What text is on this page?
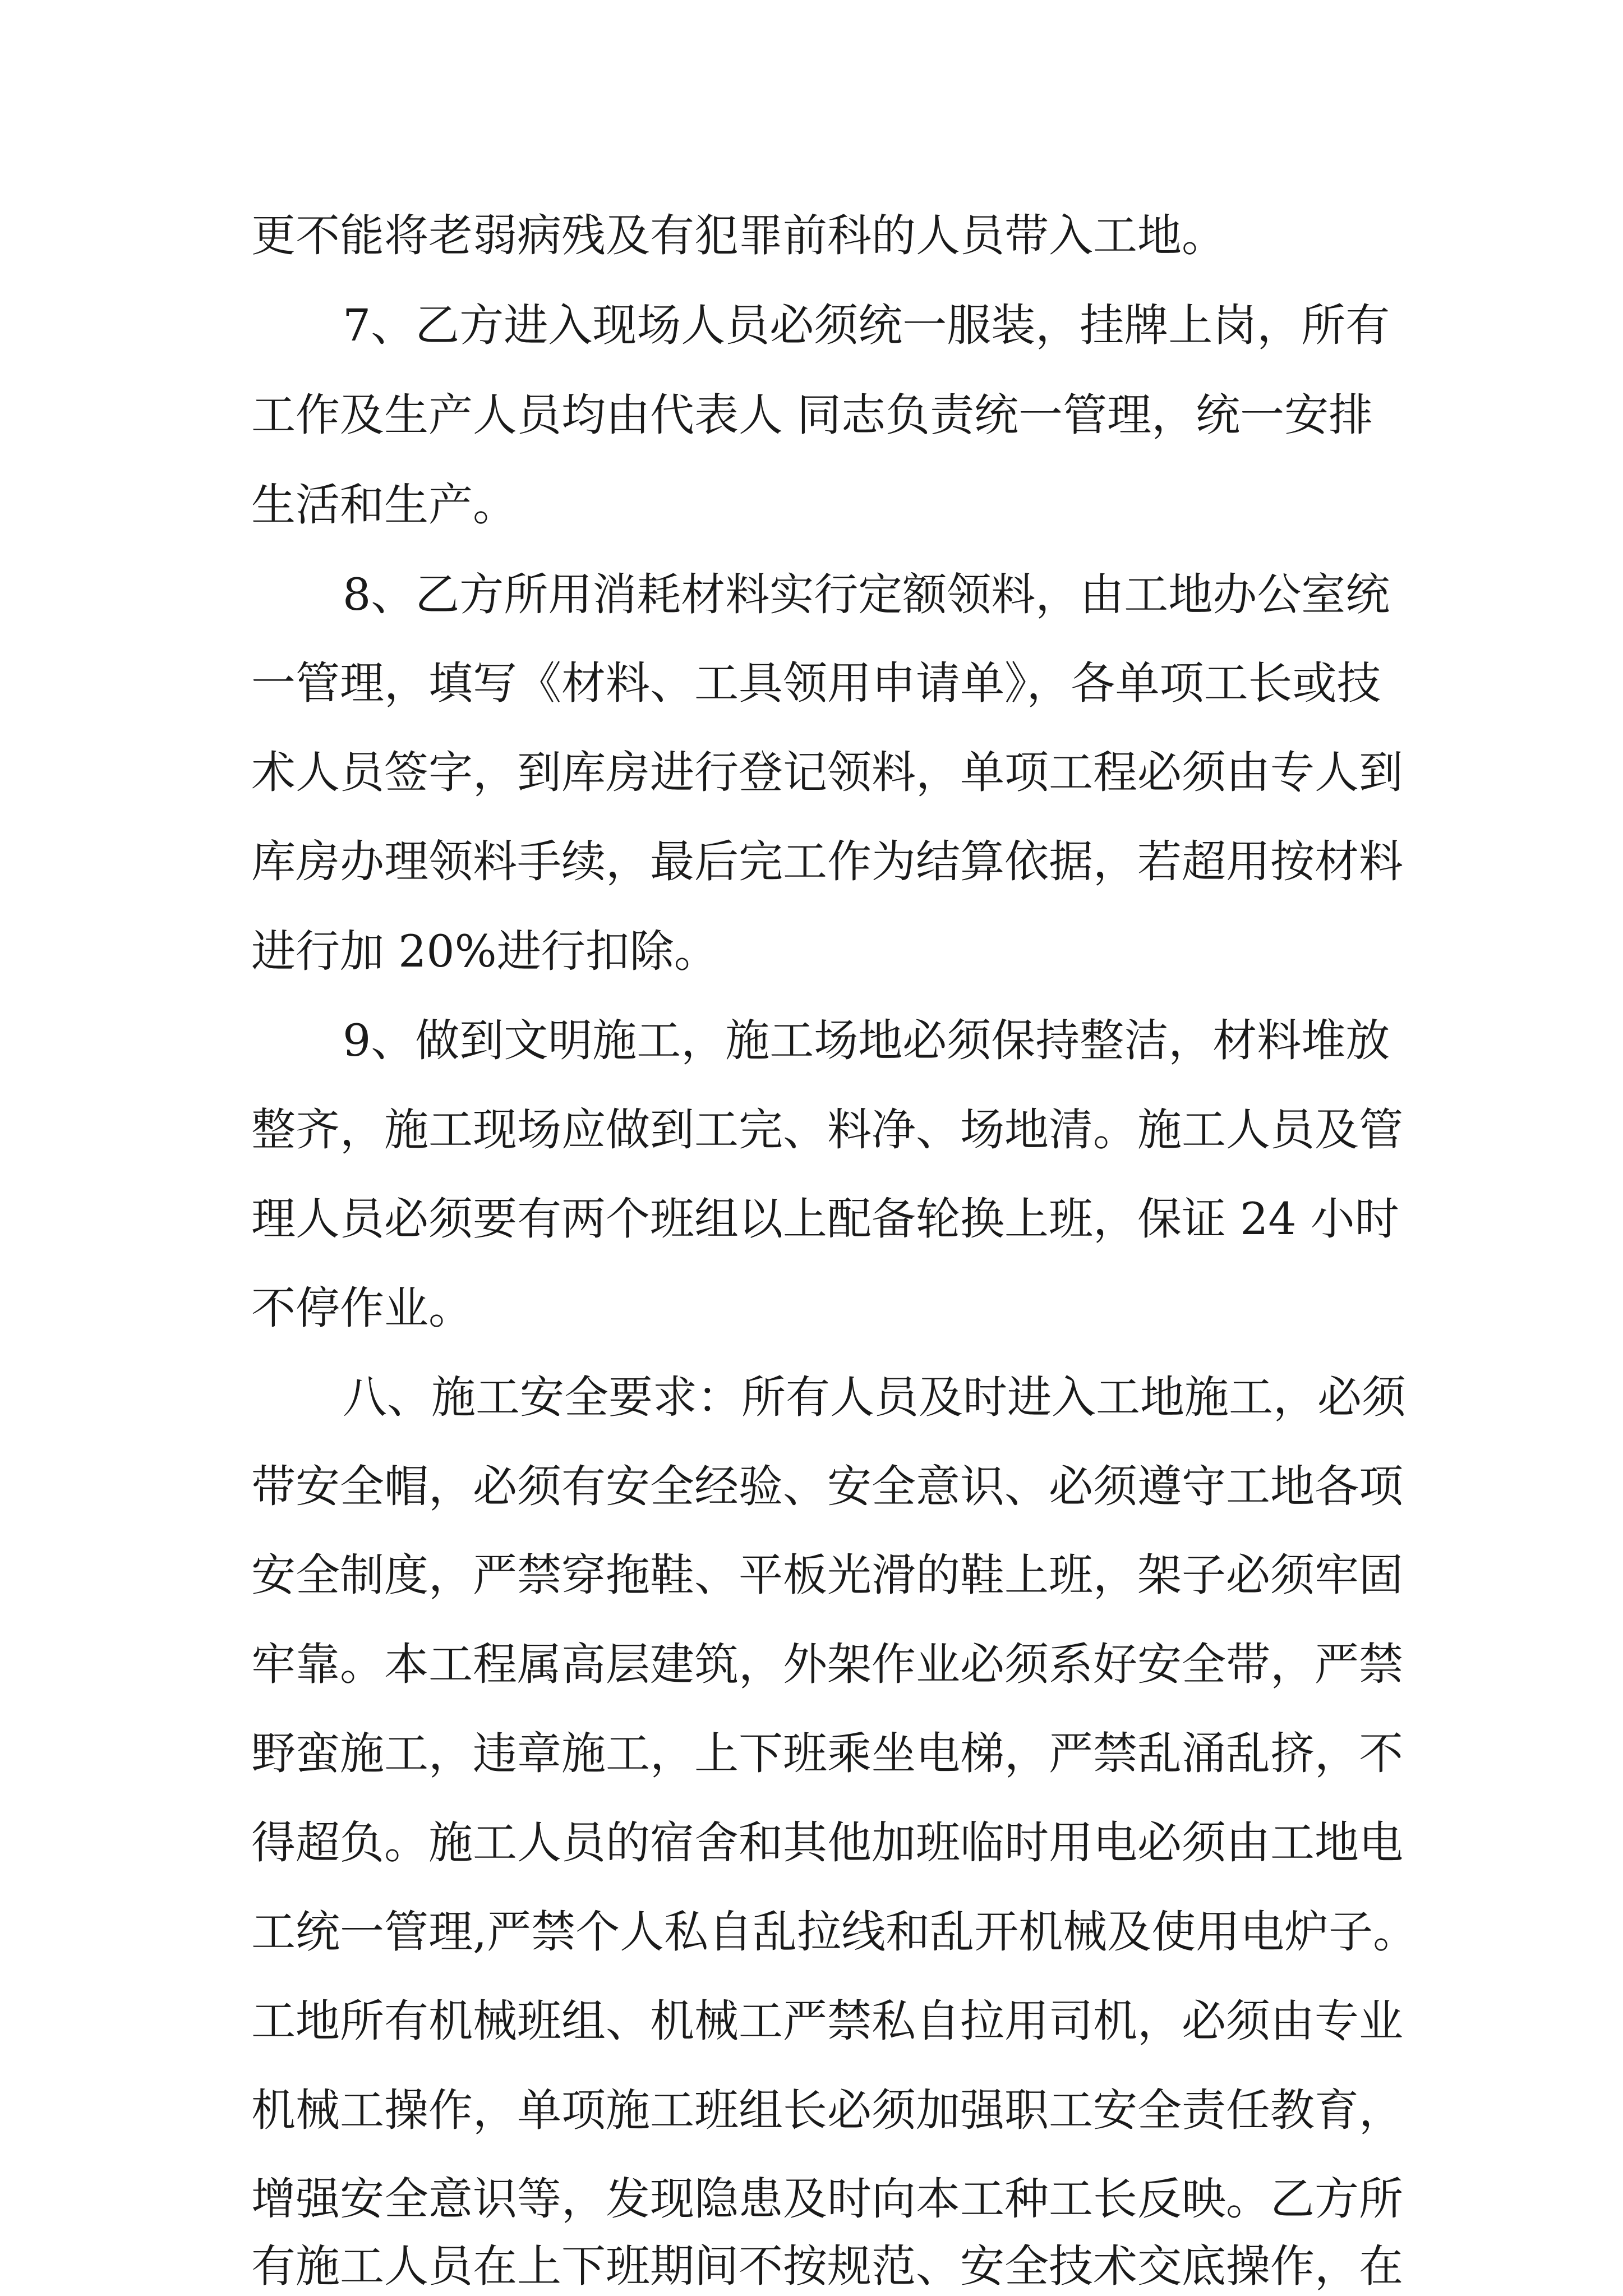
更不能将老弱病残及有犯罪前科的人员带入工地。
7、乙方进入现场人员必须统一服装，挂牌上岗，所有
工作及生产人员均由代表人 同志负责统一管理，统一安排
生活和生产。
8、乙方所用消耗材料实行定额领料，由工地办公室统
一管理，填写《材料、工具领用申请单》，各单项工长或技
术人员签字，到库房进行登记领料，单项工程必须由专人到
库房办理领料手续，最后完工作为结算依据，若超用按材料
进行加 20%进行扣除。
9、做到文明施工，施工场地必须保持整洁，材料堆放
整齐，施工现场应做到工完、料净、场地清。施工人员及管
理人员必须要有两个班组以上配备轮换上班，保证 24 小时
不停作业。
八、施工安全要求：所有人员及时进入工地施工，必须
带安全帽，必须有安全经验、安全意识、必须遵守工地各项
安全制度，严禁穿拖鞋、平板光滑的鞋上班，架子必须牢固
牢靠。本工程属高层建筑，外架作业必须系好安全带，严禁
野蛮施工，违章施工，上下班乘坐电梯，严禁乱涌乱挤，不
得超负。施工人员的宿舍和其他加班临时用电必须由工地电
工统一管理,严禁个人私自乱拉线和乱开机械及使用电炉子。
工地所有机械班组、机械工严禁私自拉用司机，必须由专业
机械工操作，单项施工班组长必须加强职工安全责任教育，
增强安全意识等，发现隐患及时向本工种工长反映。乙方所
有施工人员在上下班期间不按规范、安全技术交底操作，在
